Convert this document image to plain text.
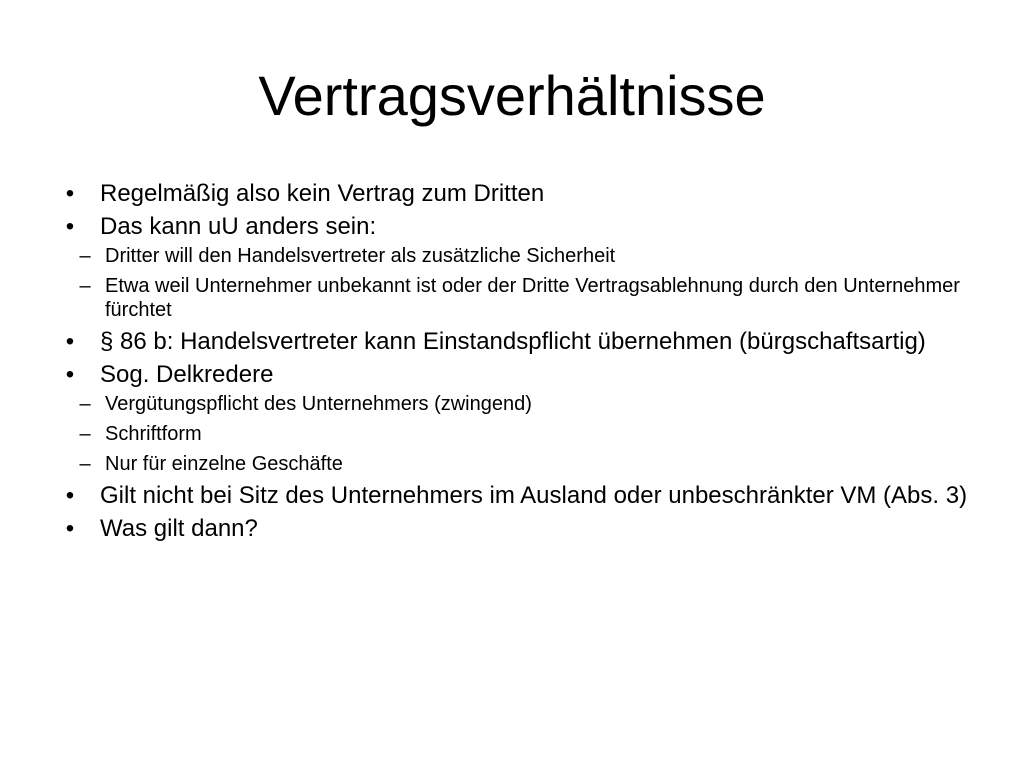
Vertragsverhältnisse
• Regelmäßig also kein Vertrag zum Dritten
• Das kann uU anders sein:
– Dritter will den Handelsvertreter als zusätzliche Sicherheit
– Etwa weil Unternehmer unbekannt ist oder der Dritte Vertragsablehnung durch den Unternehmer fürchtet
• § 86 b: Handelsvertreter kann Einstandspflicht übernehmen (bürgschaftsartig)
• Sog. Delkredere
– Vergütungspflicht des Unternehmers (zwingend)
– Schriftform
– Nur für einzelne Geschäfte
• Gilt nicht bei Sitz des Unternehmers im Ausland oder unbeschränkter VM (Abs. 3)
• Was gilt dann?
